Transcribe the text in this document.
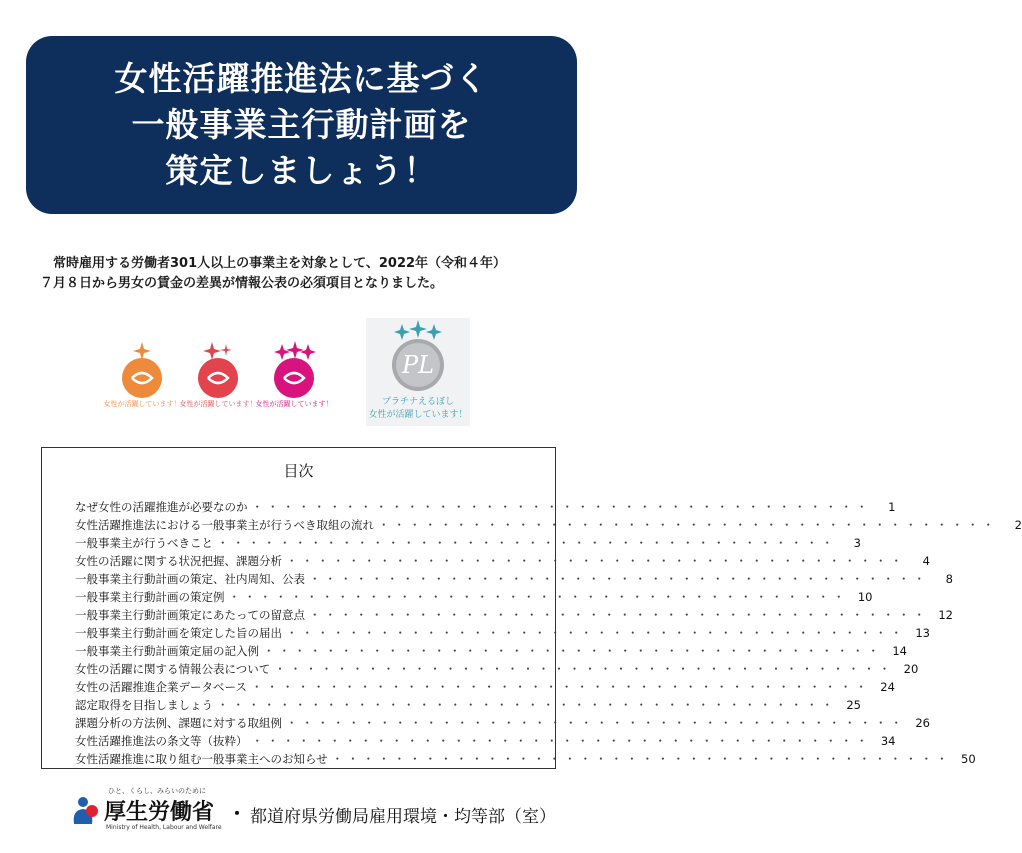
女性活躍推進法に基づく
一般事業主行動計画を
策定しましょう！
常時雇用する労働者301人以上の事業主を対象として、2022年（令和４年）
７月８日から男女の賃金の差異が情報公表の必須項目となりました。
女性が活躍しています！ 女性が活躍しています！ 女性が活躍しています！
PL
プラチナえるぼし
女性が活躍しています！
目次
なぜ女性の活躍推進が必要なのか ・・・・・・・・・・・・・・・・・・・・・・・・・・・・・・・・・・・・・・・・	1
女性活躍推進法における一般事業主が行うべき取組の流れ ・・・・・・・・・・・・・・・・・・・・・・・・・・・・・・・・・・・・・・・・	2
一般事業主が行うべきこと ・・・・・・・・・・・・・・・・・・・・・・・・・・・・・・・・・・・・・・・・	3
女性の活躍に関する状況把握、課題分析 ・・・・・・・・・・・・・・・・・・・・・・・・・・・・・・・・・・・・・・・・	4
一般事業主行動計画の策定、社内周知、公表 ・・・・・・・・・・・・・・・・・・・・・・・・・・・・・・・・・・・・・・・・	8
一般事業主行動計画の策定例 ・・・・・・・・・・・・・・・・・・・・・・・・・・・・・・・・・・・・・・・・ 10
一般事業主行動計画策定にあたっての留意点 ・・・・・・・・・・・・・・・・・・・・・・・・・・・・・・・・・・・・・・・・ 12
一般事業主行動計画を策定した旨の届出 ・・・・・・・・・・・・・・・・・・・・・・・・・・・・・・・・・・・・・・・・ 13
一般事業主行動計画策定届の記入例 ・・・・・・・・・・・・・・・・・・・・・・・・・・・・・・・・・・・・・・・・ 14
女性の活躍に関する情報公表について ・・・・・・・・・・・・・・・・・・・・・・・・・・・・・・・・・・・・・・・・ 20
女性の活躍推進企業データベース ・・・・・・・・・・・・・・・・・・・・・・・・・・・・・・・・・・・・・・・・ 24
認定取得を目指しましょう ・・・・・・・・・・・・・・・・・・・・・・・・・・・・・・・・・・・・・・・・ 25
課題分析の方法例、課題に対する取組例 ・・・・・・・・・・・・・・・・・・・・・・・・・・・・・・・・・・・・・・・・ 26
女性活躍推進法の条文等（抜粋） ・・・・・・・・・・・・・・・・・・・・・・・・・・・・・・・・・・・・・・・・ 34
女性活躍推進に取り組む一般事業主へのお知らせ ・・・・・・・・・・・・・・・・・・・・・・・・・・・・・・・・・・・・・・・・ 50
ひと、くらし、みらいのために
厚生労働省
Ministry of Health, Labour and Welfare
・ 都道府県労働局雇用環境・均等部（室）
